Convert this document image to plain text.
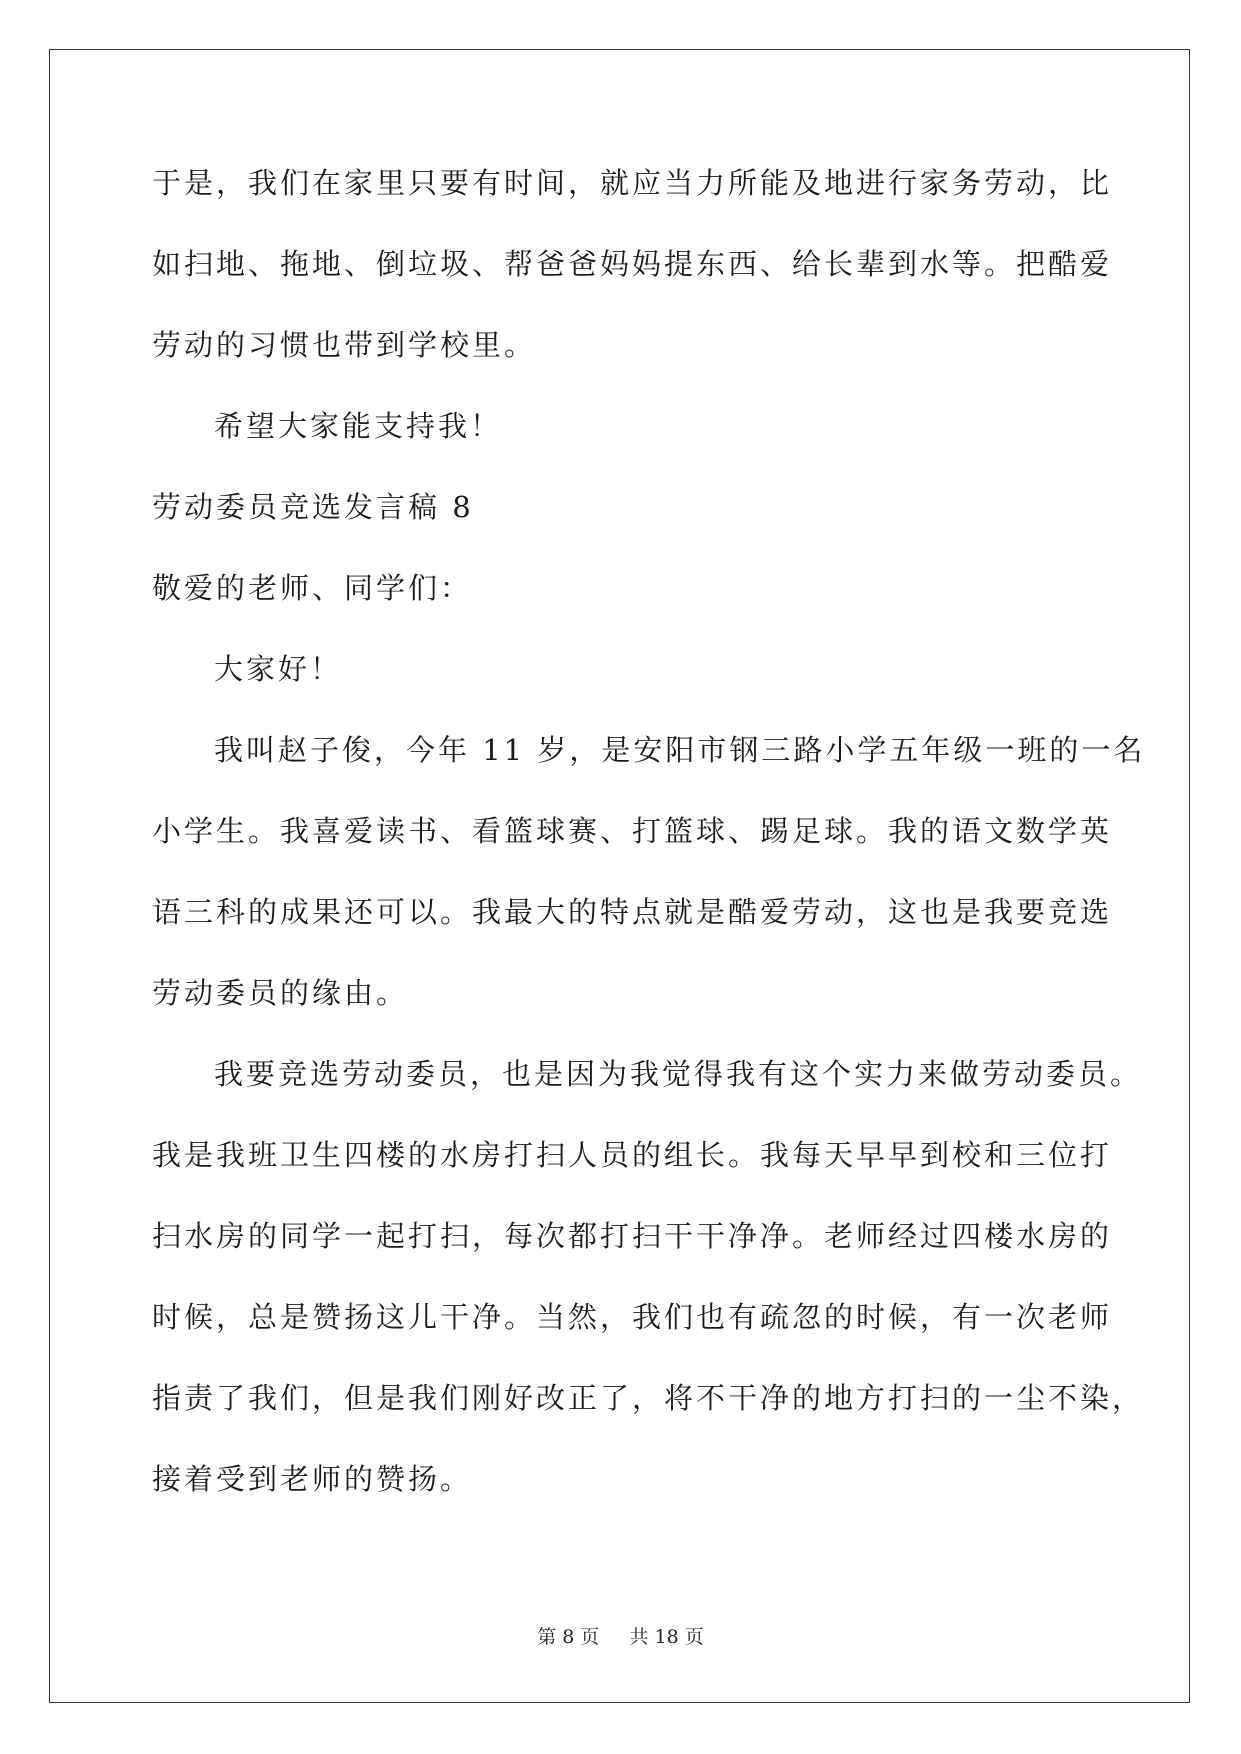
于是，我们在家里只要有时间，就应当力所能及地进行家务劳动，比
如扫地、拖地、倒垃圾、帮爸爸妈妈提东西、给长辈到水等。把酷爱
劳动的习惯也带到学校里。
希望大家能支持我！
劳动委员竞选发言稿 8
敬爱的老师、同学们：
大家好！
我叫赵子俊，今年 11 岁，是安阳市钢三路小学五年级一班的一名
小学生。我喜爱读书、看篮球赛、打篮球、踢足球。我的语文数学英
语三科的成果还可以。我最大的特点就是酷爱劳动，这也是我要竞选
劳动委员的缘由。
我要竞选劳动委员，也是因为我觉得我有这个实力来做劳动委员。
我是我班卫生四楼的水房打扫人员的组长。我每天早早到校和三位打
扫水房的同学一起打扫，每次都打扫干干净净。老师经过四楼水房的
时候，总是赞扬这儿干净。当然，我们也有疏忽的时候，有一次老师
指责了我们，但是我们刚好改正了，将不干净的地方打扫的一尘不染，
接着受到老师的赞扬。
第 8 页 共 18 页
